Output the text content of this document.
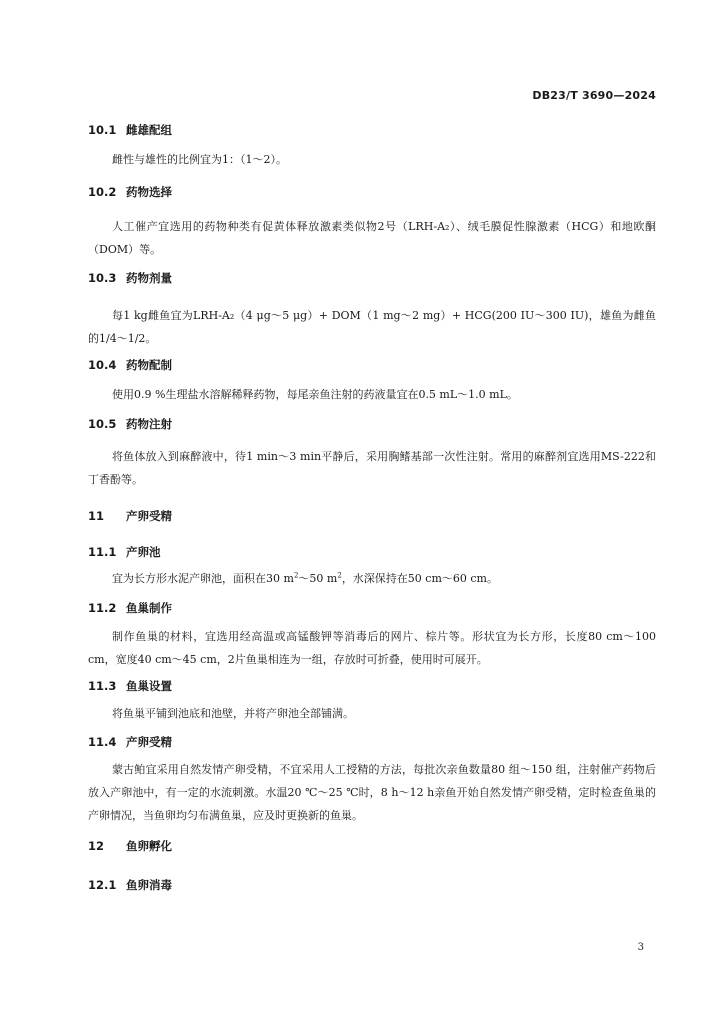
DB23/T 3690—2024
10.1 雌雄配组

雌性与雄性的比例宜为1：（1～2）。

10.2 药物选择

人工催产宜选用的药物种类有促黄体释放激素类似物2号（LRH-A₂）、绒毛膜促性腺激素（HCG）和地欧酮（DOM）等。

10.3 药物剂量

每1 kg雌鱼宜为LRH-A₂（4 μg～5 μg）+ DOM（1 mg～2 mg）+ HCG(200 IU～300 IU)，雄鱼为雌鱼的1/4～1/2。

10.4 药物配制

使用0.9 %生理盐水溶解稀释药物，每尾亲鱼注射的药液量宜在0.5 mL～1.0 mL。

10.5 药物注射

将鱼体放入到麻醉液中，待1 min～3 min平静后，采用胸鳍基部一次性注射。常用的麻醉剂宜选用MS-222和丁香酚等。

11 产卵受精
11.1 产卵池

宜为长方形水泥产卵池，面积在30 $m^2\sim 50$ $m^2$，水深保持在50 cm～60 cm。

11.2 鱼巢制作

制作鱼巢的材料，宜选用经高温或高锰酸钾等消毒后的网片、棕片等。形状宜为长方形，长度80 cm～100 cm，宽度40 cm～45 cm，2片鱼巢相连为一组，存放时可折叠，使用时可展开。

11.3 鱼巢设置

将鱼巢平铺到池底和池壁，并将产卵池全部铺满。

11.4 产卵受精

蒙古鲌宜采用自然发情产卵受精，不宜采用人工授精的方法，每批次亲鱼数量80 组～150 组，注射催产药物后放入产卵池中，有一定的水流刺激。水温20 ℃～25 ℃时，8 h～12 h亲鱼开始自然发情产卵受精，定时检查鱼巢的产卵情况，当鱼卵均匀布满鱼巢，应及时更换新的鱼巢。

12 鱼卵孵化
12.1 鱼卵消毒
3
